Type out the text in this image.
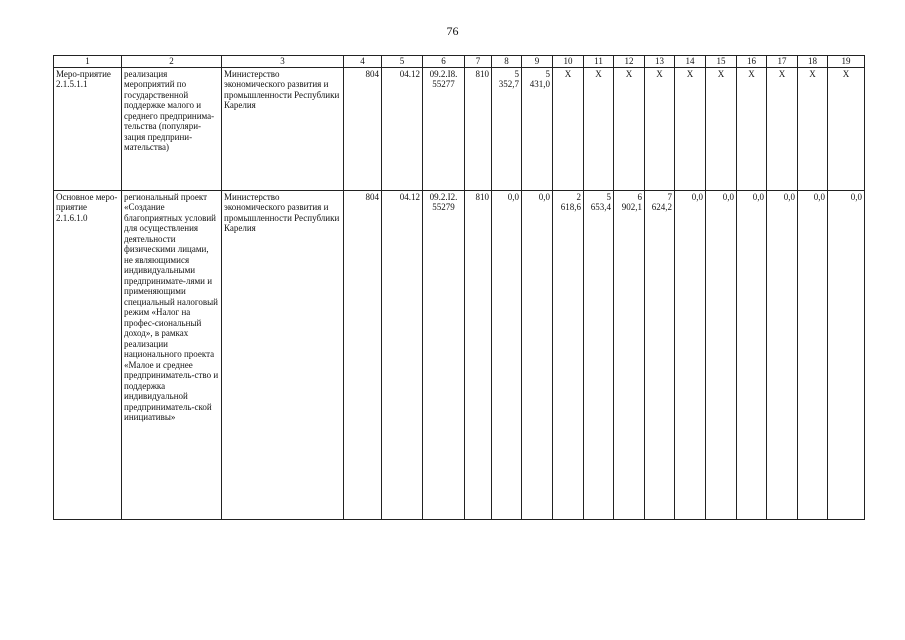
76
1	2	3	4	5	6	7	8	9	10	11	12	13	14	15	16	17	18	19
Меро-приятие 2.1.5.1.1	реализация мероприятий по государственной поддержке малого и среднего предпринима-тельства (популяри-зация предприни-мательства)	Министерство экономического развития и промышленности Республики Карелия	804	04.12	09.2.I8. 55277	810	5 352,7	5 431,0	X	X	X	X	X	X	X	X	X	X
Основное меро-приятие 2.1.6.1.0	региональный проект «Создание благоприятных условий для осуществления деятельности физическими лицами, не являющимися индивидуальными предпринимате-лями и применяющими специальный налоговый режим «Налог на профес-сиональный доход», в рамках реализации национального проекта «Малое и среднее предприниматель-ство и поддержка индивидуальной предприниматель-ской инициативы»	Министерство экономического развития и промышленности Республики Карелия	804	04.12	09.2.I2. 55279	810	0,0	0,0	2 618,6	5 653,4	6 902,1	7 624,2	0,0	0,0	0,0	0,0	0,0	0,0
